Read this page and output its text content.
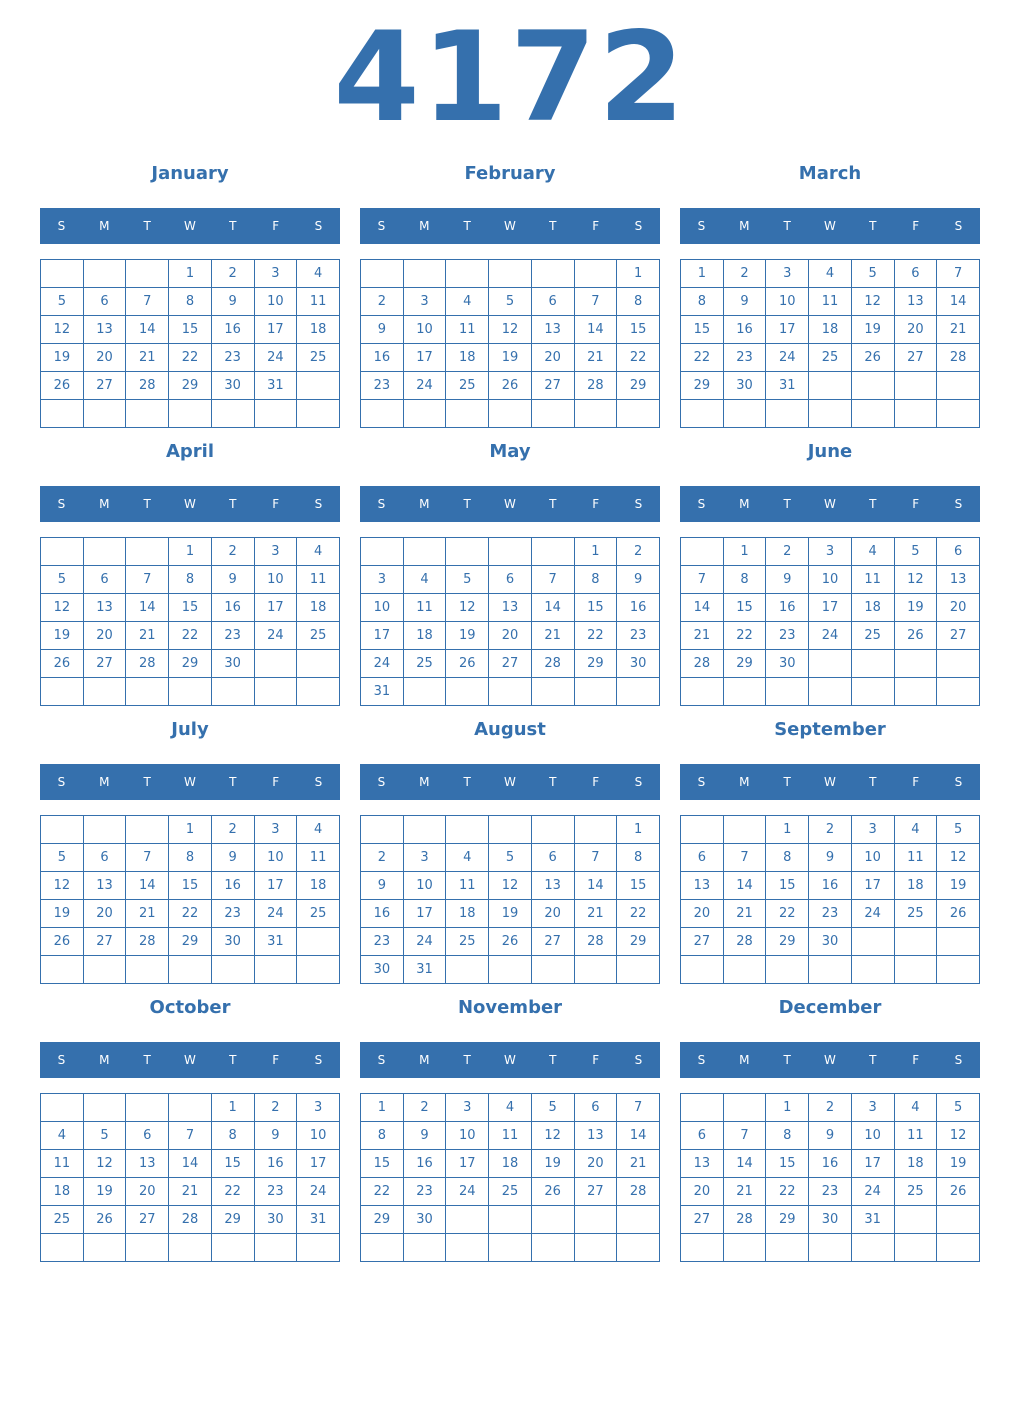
4172
January
S	M	T	W	T	F	S
			1	2	3	4
5	6	7	8	9	10	11
12	13	14	15	16	17	18
19	20	21	22	23	24	25
26	27	28	29	30	31	

February
S	M	T	W	T	F	S
						1
2	3	4	5	6	7	8
9	10	11	12	13	14	15
16	17	18	19	20	21	22
23	24	25	26	27	28	29

March
S	M	T	W	T	F	S
1	2	3	4	5	6	7
8	9	10	11	12	13	14
15	16	17	18	19	20	21
22	23	24	25	26	27	28
29	30	31				

April
S	M	T	W	T	F	S
			1	2	3	4
5	6	7	8	9	10	11
12	13	14	15	16	17	18
19	20	21	22	23	24	25
26	27	28	29	30		

May
S	M	T	W	T	F	S
					1	2
3	4	5	6	7	8	9
10	11	12	13	14	15	16
17	18	19	20	21	22	23
24	25	26	27	28	29	30
31						
June
S	M	T	W	T	F	S
	1	2	3	4	5	6
7	8	9	10	11	12	13
14	15	16	17	18	19	20
21	22	23	24	25	26	27
28	29	30				

July
S	M	T	W	T	F	S
			1	2	3	4
5	6	7	8	9	10	11
12	13	14	15	16	17	18
19	20	21	22	23	24	25
26	27	28	29	30	31	

August
S	M	T	W	T	F	S
						1
2	3	4	5	6	7	8
9	10	11	12	13	14	15
16	17	18	19	20	21	22
23	24	25	26	27	28	29
30	31					
September
S	M	T	W	T	F	S
		1	2	3	4	5
6	7	8	9	10	11	12
13	14	15	16	17	18	19
20	21	22	23	24	25	26
27	28	29	30			

October
S	M	T	W	T	F	S
				1	2	3
4	5	6	7	8	9	10
11	12	13	14	15	16	17
18	19	20	21	22	23	24
25	26	27	28	29	30	31

November
S	M	T	W	T	F	S
1	2	3	4	5	6	7
8	9	10	11	12	13	14
15	16	17	18	19	20	21
22	23	24	25	26	27	28
29	30					

December
S	M	T	W	T	F	S
		1	2	3	4	5
6	7	8	9	10	11	12
13	14	15	16	17	18	19
20	21	22	23	24	25	26
27	28	29	30	31		
